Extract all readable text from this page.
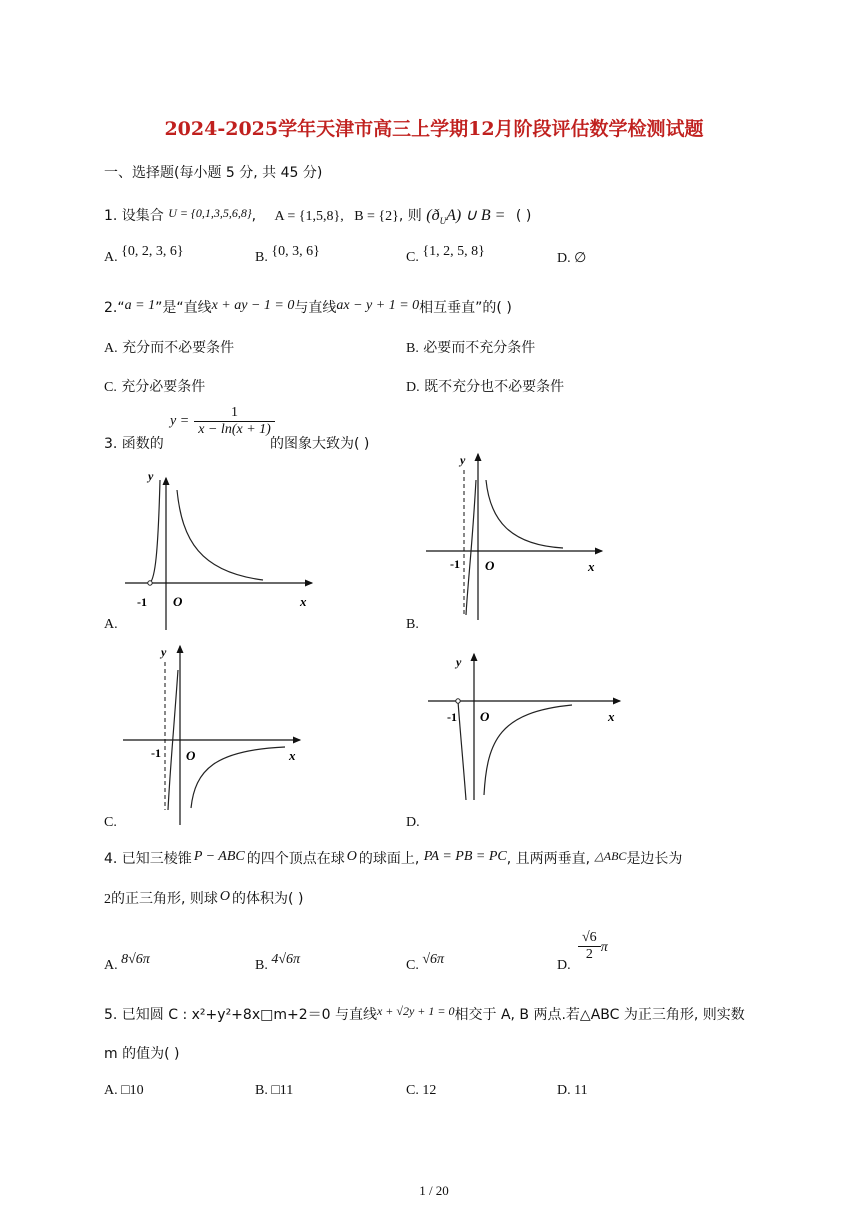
2024-2025学年天津市高三上学期12月阶段评估数学检测试题
一、选择题(每小题 5 分, 共 45 分)
1. 设集合 U = {0,1,3,5,6,8}, A = {1,5,8}, B = {2}, 则 $(ð_UA)$ ∪ B = ( )
A. {0, 2, 3, 6}	B. {0, 3, 6}	C. {1, 2, 5, 8}	D. ∅
2.“a = 1”是“直线x + ay − 1 = 0与直线ax − y + 1 = 0相互垂直”的( )
A. 充分而不必要条件	B. 必要而不充分条件
C. 充分必要条件	D. 既不充分也不必要条件
3. 函数的
$y = \frac{1}{x - \ln(x + 1)}$
的图象大致为( )
y
x
O
-1
A.
y
x
O
-1
B.
y
x
O
-1
C.
y
x
O
-1
D.
4. 已知三棱锥 P − ABC 的四个顶点在球 O 的球面上, PA = PB = PC, 且两两垂直, △ABC是边长为
2的正三角形, 则球 O 的体积为( )
A. 8√6π	B. 4√6π	C. √6π	D.
$\frac{√6}{2}$ π
5. 已知圆 C : x²+y²+8x□m+2＝0 与直线x + √2y + 1 = 0相交于 A, B 两点.若△ABC 为正三角形, 则实数
m 的值为( )
A. □10	B. □11	C. 12	D. 11
1 / 20
